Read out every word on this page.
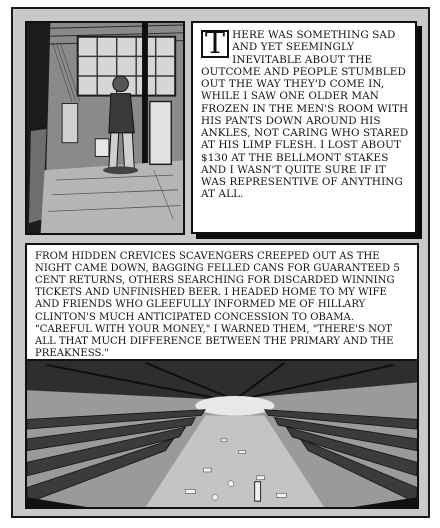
T HERE WAS SOMETHING SAD AND YET SEEMINGLY INEVITABLE ABOUT THE OUTCOME AND PEOPLE STUMBLED OUT THE WAY THEY'D COME IN, WHILE I SAW ONE OLDER MAN FROZEN IN THE MEN'S ROOM WITH HIS PANTS DOWN AROUND HIS ANKLES, NOT CARING WHO STARED AT HIS LIMP FLESH. I LOST ABOUT $130 AT THE BELLMONT STAKES AND I WASN'T QUITE SURE IF IT WAS REPRESENTIVE OF ANYTHING AT ALL.
FROM HIDDEN CREVICES SCAVENGERS CREEPED OUT AS THE NIGHT CAME DOWN, BAGGING FELLED CANS FOR GUARANTEED 5 CENT RETURNS, OTHERS SEARCHING FOR DISCARDED WINNING TICKETS AND UNFINISHED BEER. I HEADED HOME TO MY WIFE AND FRIENDS WHO GLEEFULLY INFORMED ME OF HILLARY CLINTON'S MUCH ANTICIPATED CONCESSION TO OBAMA. "CAREFUL WITH YOUR MONEY," I WARNED THEM, "THERE'S NOT ALL THAT MUCH DIFFERENCE BETWEEN THE PRIMARY AND THE PREAKNESS."
